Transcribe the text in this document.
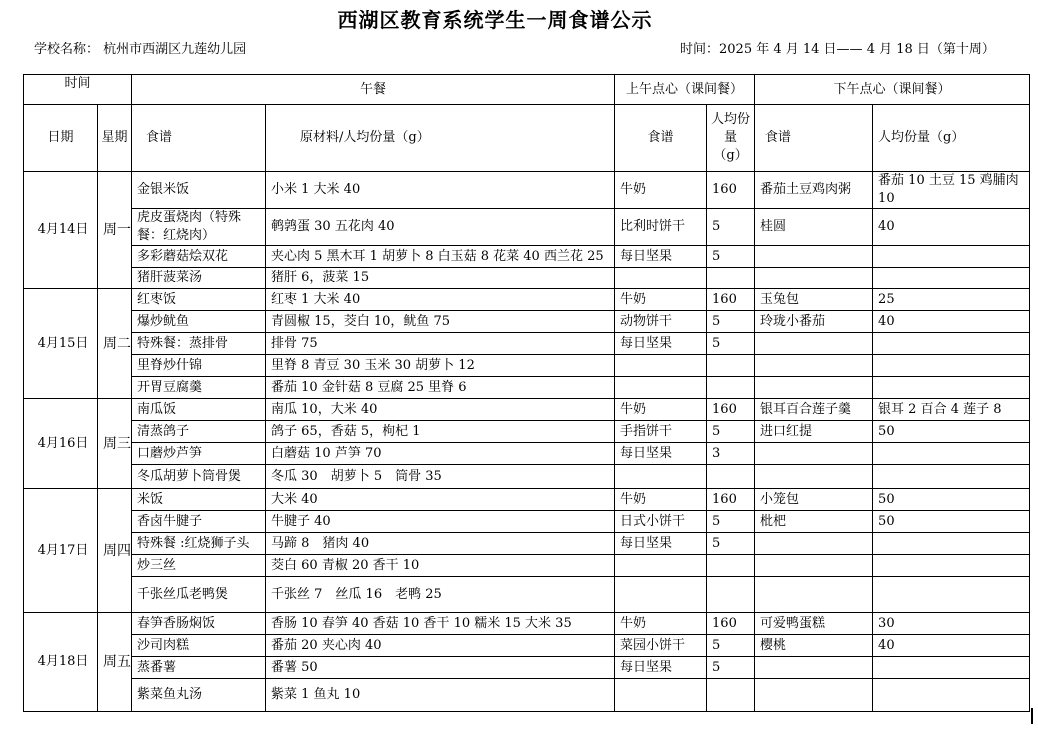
西湖区教育系统学生一周食谱公示
学校名称： 杭州市西湖区九莲幼儿园	时间：2025 年 4 月 14 日—— 4 月 18 日（第十周）
时间		午餐		上午点心（课间餐）		下午点心（课间餐）	
日期	星期	食谱	原材料/人均份量（g）	食谱	人均份量（g）	食谱	人均份量（g）
4月14日	周一	金银米饭	小米 1 大米 40	牛奶	160	番茄土豆鸡肉粥	番茄 10 土豆 15 鸡脯肉 10
		虎皮蛋烧肉（特殊餐：红烧肉）	鹌鹑蛋 30 五花肉 40	比利时饼干	5	桂圆	40
		多彩蘑菇烩双花	夹心肉 5 黑木耳 1 胡萝卜 8 白玉菇 8 花菜 40 西兰花 25	每日坚果	5		
		猪肝菠菜汤	猪肝 6，菠菜 15				
4月15日	周二	红枣饭	红枣 1 大米 40	牛奶	160	玉兔包	25
		爆炒鱿鱼	青圆椒 15，茭白 10，鱿鱼 75	动物饼干	5	玲珑小番茄	40
		特殊餐：蒸排骨	排骨 75	每日坚果	5		
		里脊炒什锦	里脊 8 青豆 30 玉米 30 胡萝卜 12				
		开胃豆腐羹	番茄 10 金针菇 8 豆腐 25 里脊 6				
4月16日	周三	南瓜饭	南瓜 10，大米 40	牛奶	160	银耳百合莲子羹	银耳 2 百合 4 莲子 8
		清蒸鸽子	鸽子 65，香菇 5，枸杞 1	手指饼干	5	进口红提	50
		口蘑炒芦笋	白蘑菇 10 芦笋 70	每日坚果	3		
		冬瓜胡萝卜筒骨煲	冬瓜 30　胡萝卜 5　筒骨 35				
4月17日	周四	米饭	大米 40	牛奶	160	小笼包	50
		香卤牛腱子	牛腱子 40	日式小饼干	5	枇杷	50
		特殊餐 :红烧狮子头	马蹄 8　猪肉 40	每日坚果	5		
		炒三丝	茭白 60 青椒 20 香干 10				
		千张丝瓜老鸭煲	千张丝 7　丝瓜 16　老鸭 25				
4月18日	周五	春笋香肠焖饭	香肠 10 春笋 40 香菇 10 香干 10 糯米 15 大米 35	牛奶	160	可爱鸭蛋糕	30
		沙司肉糕	番茄 20 夹心肉 40	菜园小饼干	5	樱桃	40
		蒸番薯	番薯 50	每日坚果	5		
		紫菜鱼丸汤	紫菜 1 鱼丸 10				
